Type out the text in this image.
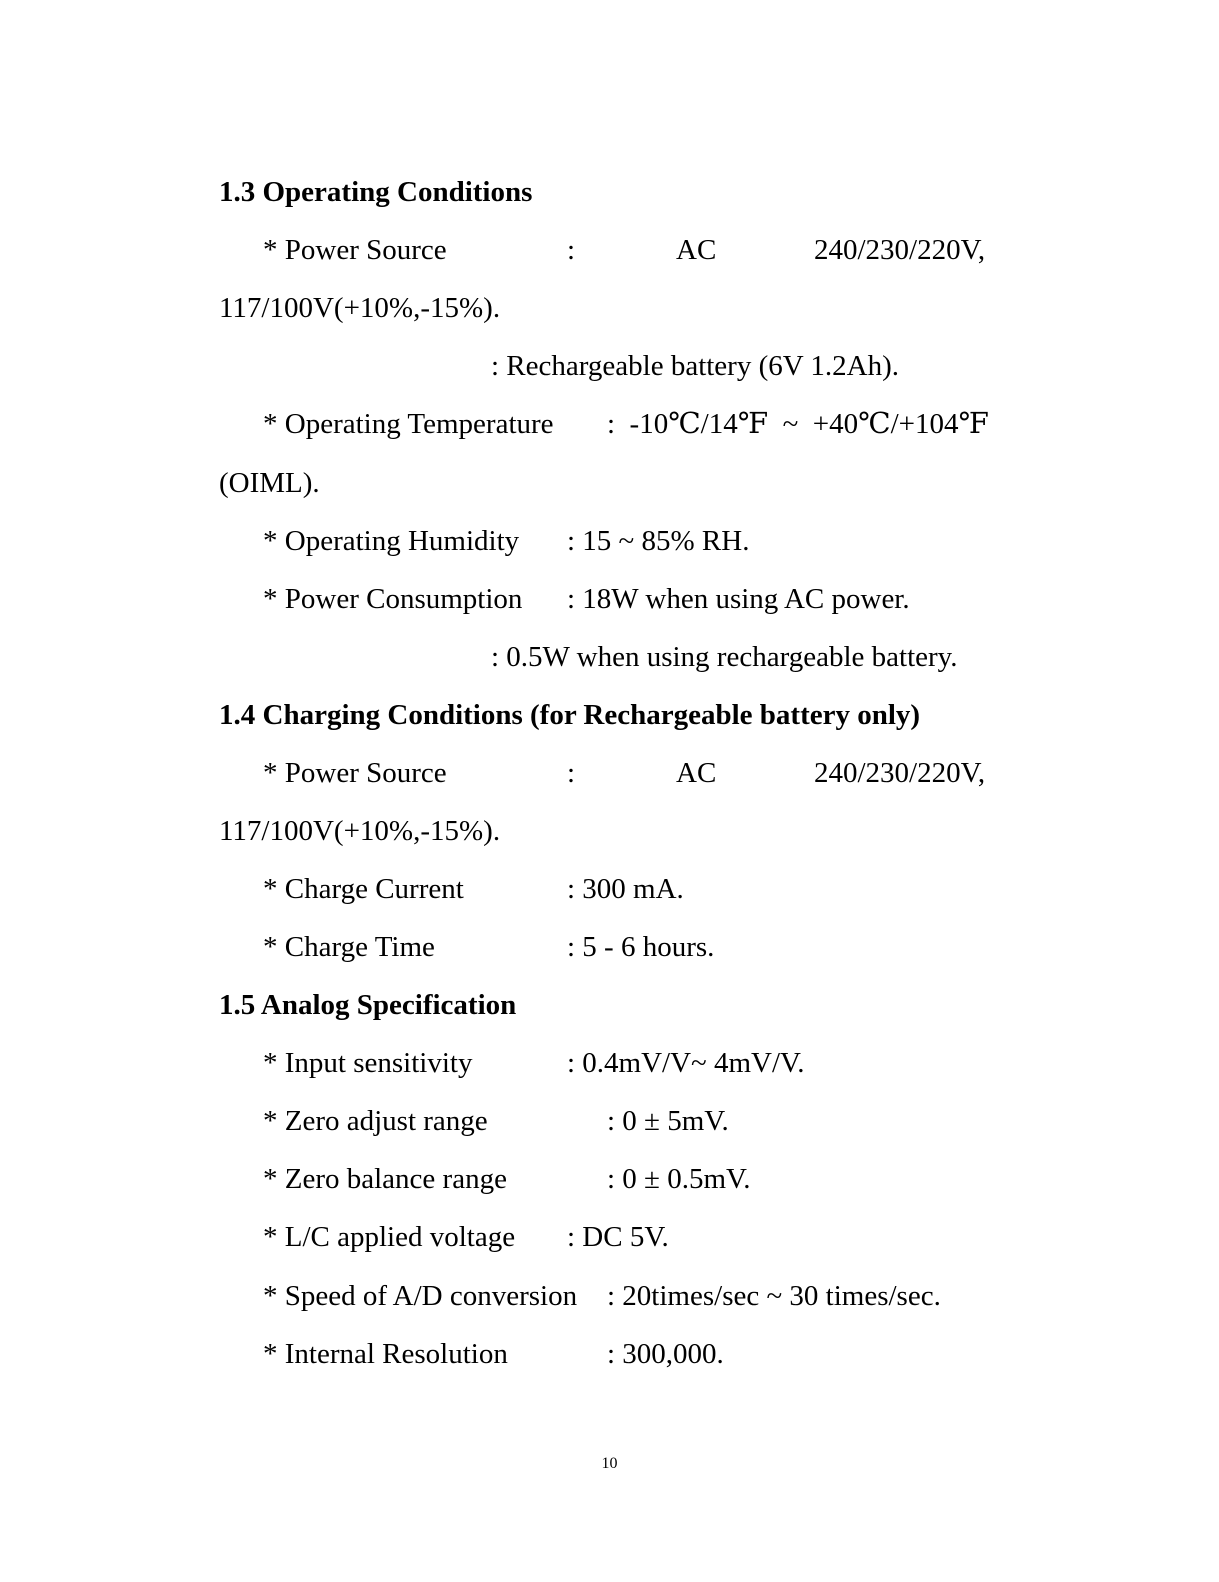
1.3 Operating Conditions
* Power Source	:	AC	240/230/220V,
117/100V(+10%,-15%).
: Rechargeable battery (6V 1.2Ah).
* Operating Temperature :  -10℃/14℉  ~  +40℃/+104℉
(OIML).
* Operating Humidity : 15 ~ 85% RH.
* Power Consumption : 18W when using AC power.
: 0.5W when using rechargeable battery.
1.4 Charging Conditions (for Rechargeable battery only)
* Power Source	:	AC	240/230/220V,
117/100V(+10%,-15%).
* Charge Current	: 300 mA.
* Charge Time	: 5 - 6 hours.
1.5 Analog Specification
* Input sensitivity	: 0.4mV/V~ 4mV/V.
* Zero adjust range	: 0 ± 5mV.
* Zero balance range	: 0 ± 0.5mV.
* L/C applied voltage : DC 5V.
* Speed of A/D conversion : 20times/sec ~ 30 times/sec.
* Internal Resolution	: 300,000.
10
